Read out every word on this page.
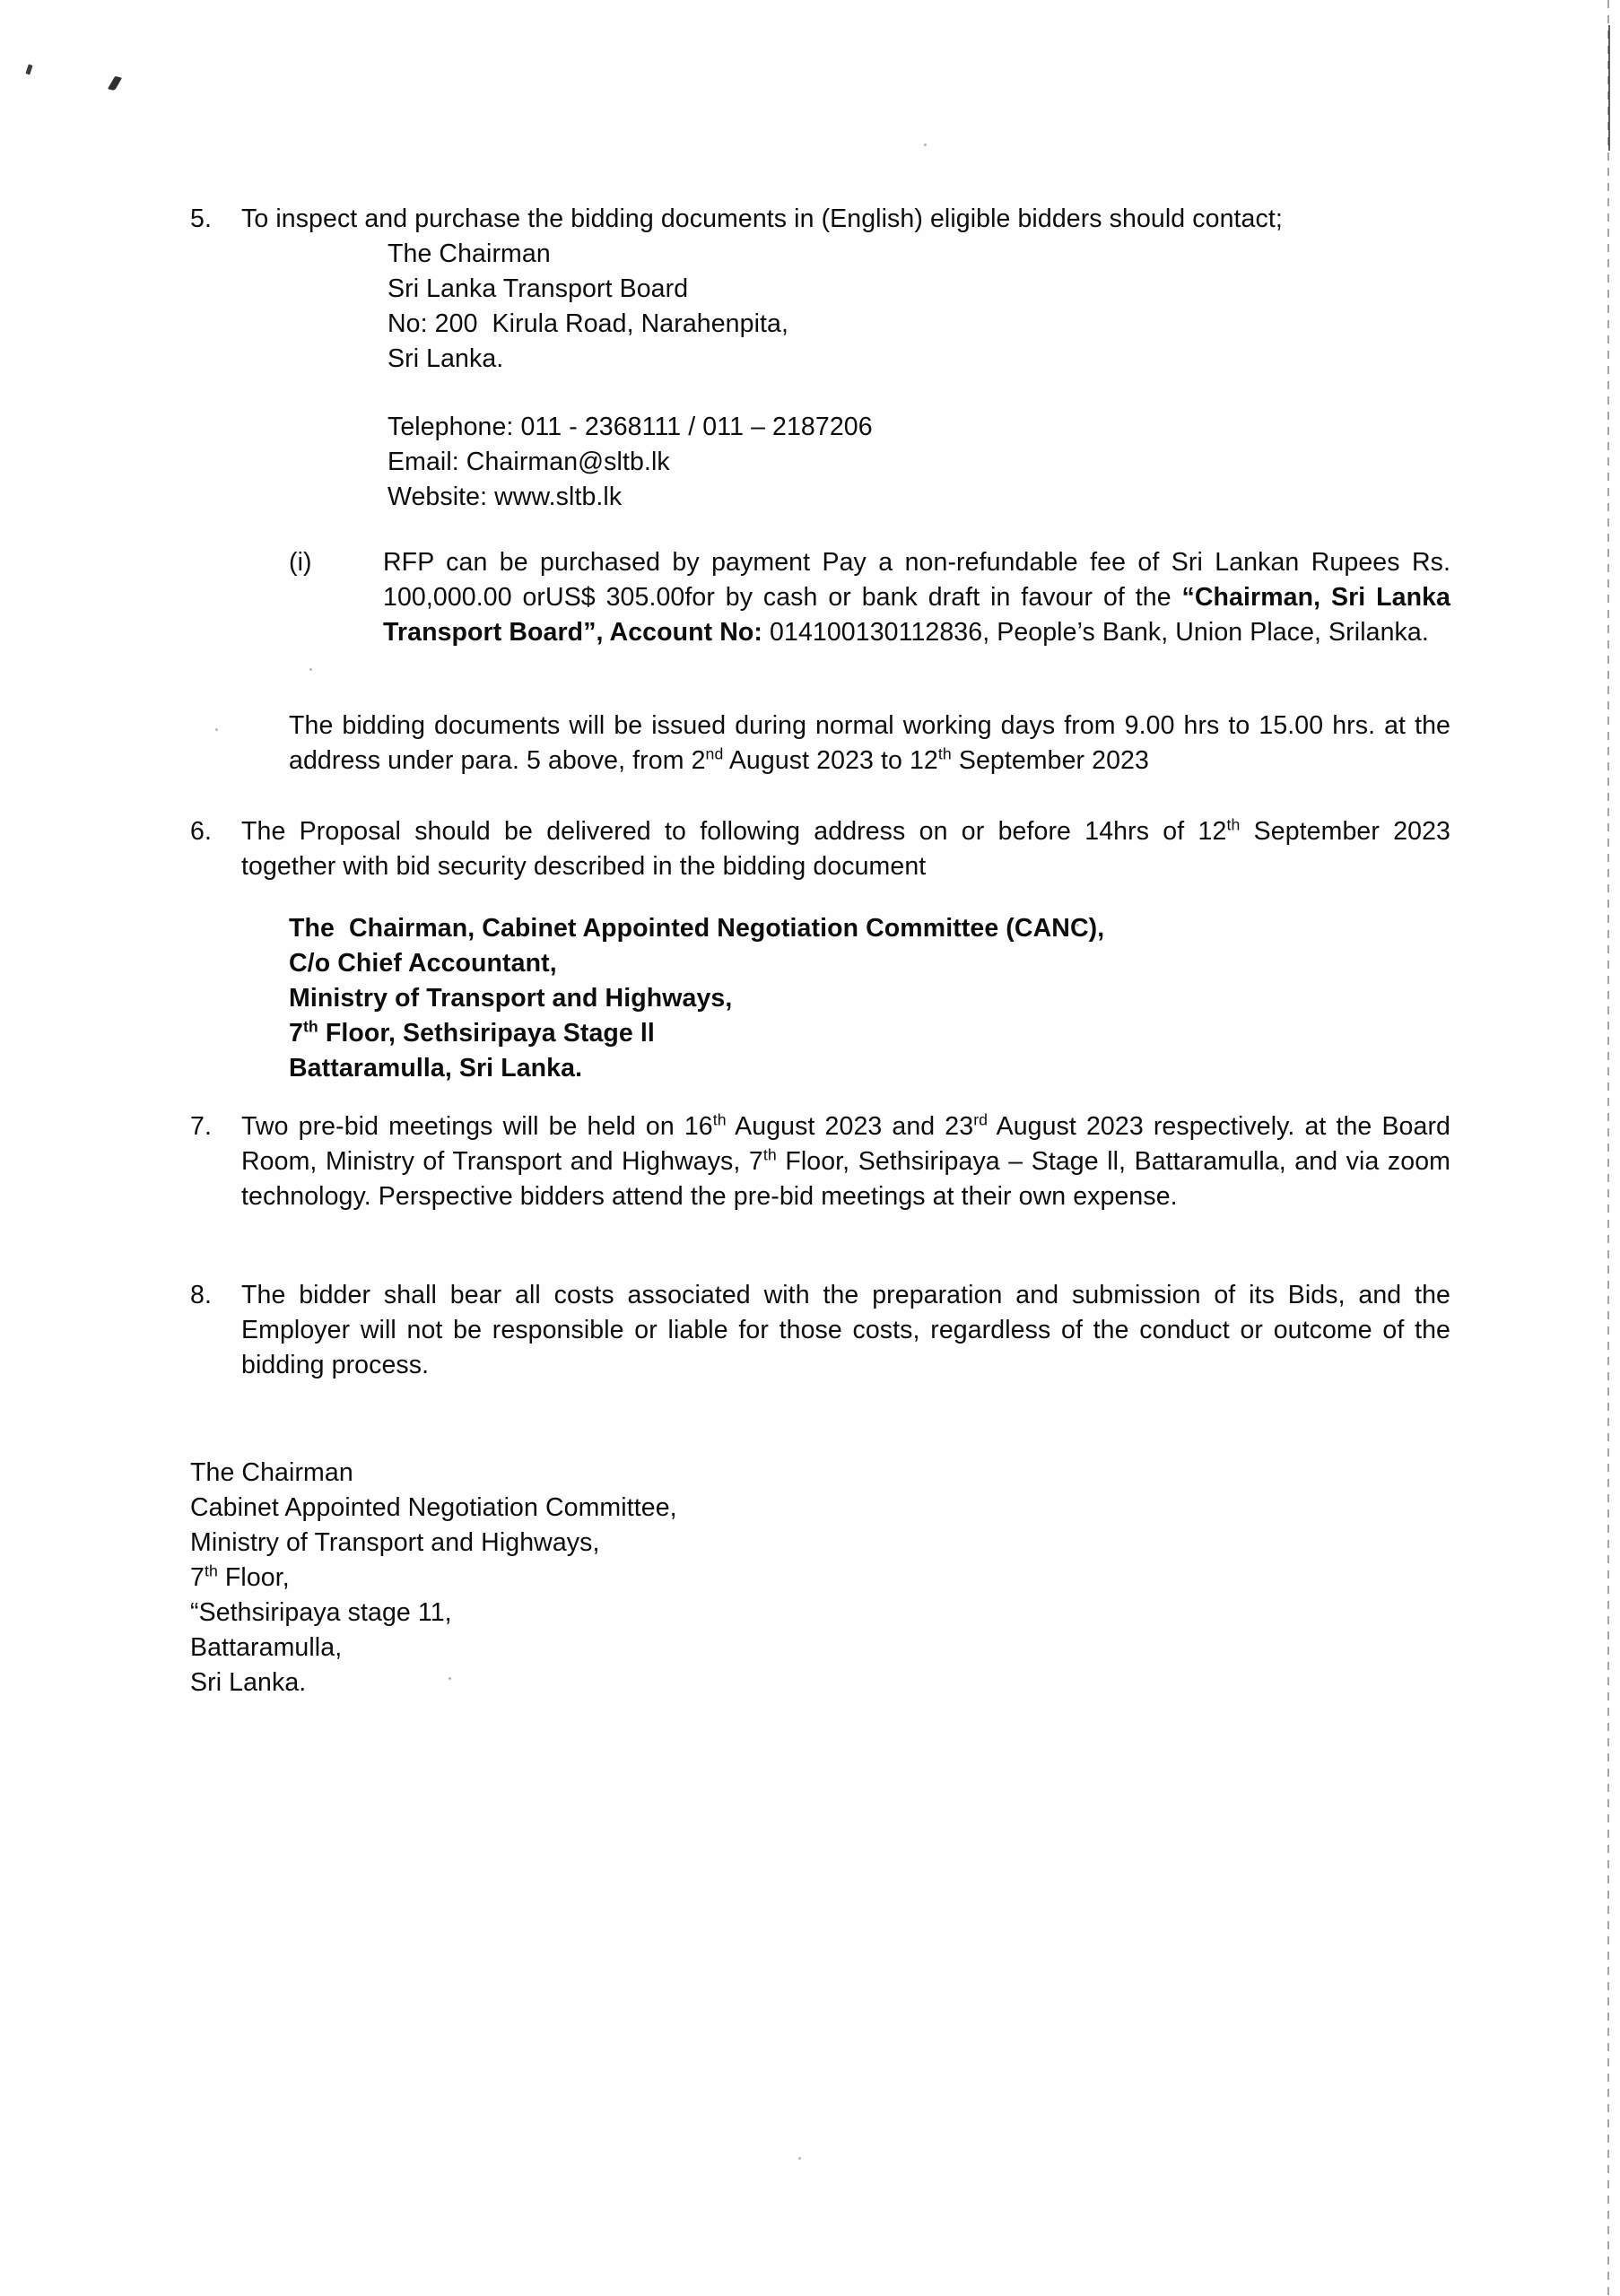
5.	To inspect and purchase the bidding documents in (English) eligible bidders should contact;
The Chairman
Sri Lanka Transport Board
No: 200  Kirula Road, Narahenpita,
Sri Lanka.
Telephone: 011 - 2368111 / 011 – 2187206
Email: Chairman@sltb.lk
Website: www.sltb.lk
(i)	RFP can be purchased by payment Pay a non-refundable fee of Sri Lankan Rupees Rs. 100,000.00 orUS$ 305.00for by cash or bank draft in favour of the “Chairman, Sri Lanka Transport Board”, Account No: 014100130112836, People’s Bank, Union Place, Srilanka.
The bidding documents will be issued during normal working days from 9.00 hrs to 15.00 hrs. at the address under para. 5 above, from 2nd August 2023 to 12th September 2023
6.	The Proposal should be delivered to following address on or before 14hrs of 12th September 2023 together with bid security described in the bidding document
The  Chairman, Cabinet Appointed Negotiation Committee (CANC),
C/o Chief Accountant,
Ministry of Transport and Highways,
7th Floor, Sethsiripaya Stage ll
Battaramulla, Sri Lanka.
7.	Two pre-bid meetings will be held on 16th August 2023 and 23rd August 2023 respectively. at the Board Room, Ministry of Transport and Highways, 7th Floor, Sethsiripaya – Stage ll, Battaramulla, and via zoom technology. Perspective bidders attend the pre-bid meetings at their own expense.
8.	The bidder shall bear all costs associated with the preparation and submission of its Bids, and the Employer will not be responsible or liable for those costs, regardless of the conduct or outcome of the bidding process.
The Chairman
Cabinet Appointed Negotiation Committee,
Ministry of Transport and Highways,
7th Floor,
“Sethsiripaya stage 11,
Battaramulla,
Sri Lanka.
